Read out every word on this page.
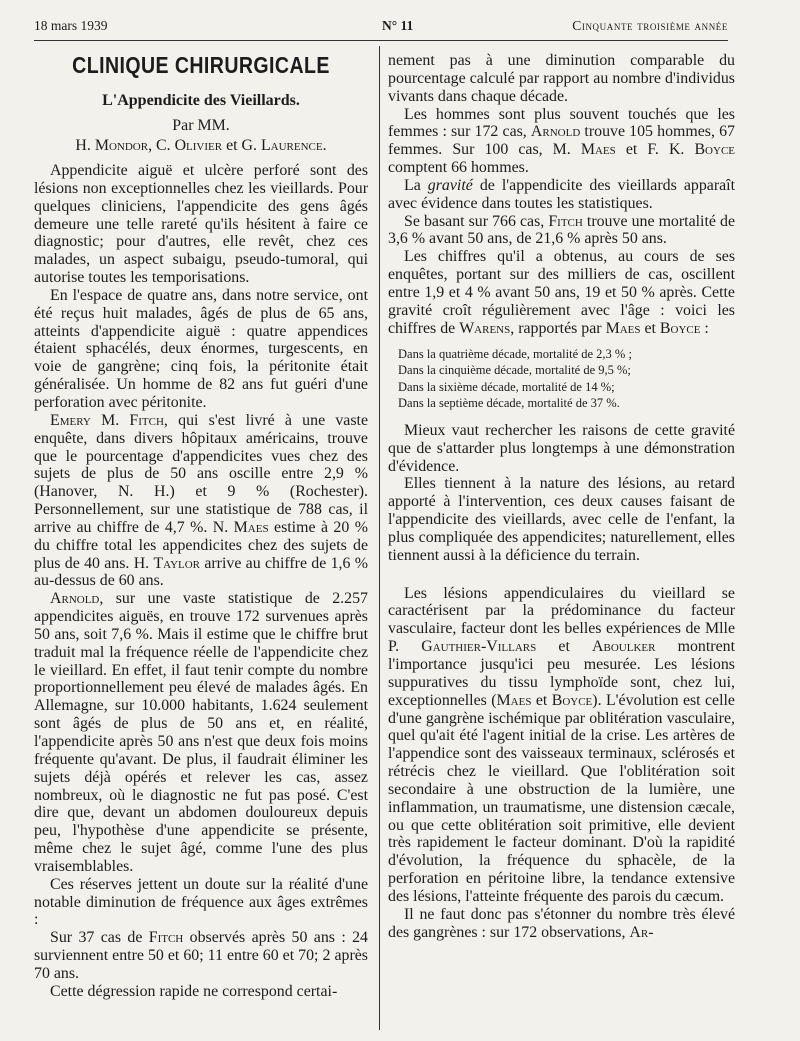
18 mars 1939	N° 11	Cinquante troisième année
CLINIQUE CHIRURGICALE
L'Appendicite des Vieillards.
Par MM.
H. Mondor, C. Olivier et G. Laurence.

Appendicite aiguë et ulcère perforé sont des lésions non exceptionnelles chez les vieillards. Pour quelques cliniciens, l'appendicite des gens âgés demeure une telle rareté qu'ils hésitent à faire ce diagnostic; pour d'autres, elle revêt, chez ces malades, un aspect subaigu, pseudo-tumoral, qui autorise toutes les temporisations.

En l'espace de quatre ans, dans notre service, ont été reçus huit malades, âgés de plus de 65 ans, atteints d'appendicite aiguë : quatre appendices étaient sphacélés, deux énormes, turgescents, en voie de gangrène; cinq fois, la péritonite était généralisée. Un homme de 82 ans fut guéri d'une perforation avec péritonite.

Emery M. Fitch, qui s'est livré à une vaste enquête, dans divers hôpitaux américains, trouve que le pourcentage d'appendicites vues chez des sujets de plus de 50 ans oscille entre 2,9 % (Hanover, N. H.) et 9 % (Rochester). Personnellement, sur une statistique de 788 cas, il arrive au chiffre de 4,7 %. N. Maes estime à 20 % du chiffre total les appendicites chez des sujets de plus de 40 ans. H. Taylor arrive au chiffre de 1,6 % au-dessus de 60 ans.

Arnold, sur une vaste statistique de 2.257 appendicites aiguës, en trouve 172 survenues après 50 ans, soit 7,6 %. Mais il estime que le chiffre brut traduit mal la fréquence réelle de l'appendicite chez le vieillard. En effet, il faut tenir compte du nombre proportionnellement peu élevé de malades âgés. En Allemagne, sur 10.000 habitants, 1.624 seulement sont âgés de plus de 50 ans et, en réalité, l'appendicite après 50 ans n'est que deux fois moins fréquente qu'avant. De plus, il faudrait éliminer les sujets déjà opérés et relever les cas, assez nombreux, où le diagnostic ne fut pas posé. C'est dire que, devant un abdomen douloureux depuis peu, l'hypothèse d'une appendicite se présente, même chez le sujet âgé, comme l'une des plus vraisemblables.

Ces réserves jettent un doute sur la réalité d'une notable diminution de fréquence aux âges extrêmes :

Sur 37 cas de Fitch observés après 50 ans : 24 surviennent entre 50 et 60; 11 entre 60 et 70; 2 après 70 ans.

Cette dégression rapide ne correspond certai-

nement pas à une diminution comparable du pourcentage calculé par rapport au nombre d'individus vivants dans chaque décade.

Les hommes sont plus souvent touchés que les femmes : sur 172 cas, Arnold trouve 105 hommes, 67 femmes. Sur 100 cas, M. Maes et F. K. Boyce comptent 66 hommes.

La gravité de l'appendicite des vieillards apparaît avec évidence dans toutes les statistiques.

Se basant sur 766 cas, Fitch trouve une mortalité de 3,6 % avant 50 ans, de 21,6 % après 50 ans.

Les chiffres qu'il a obtenus, au cours de ses enquêtes, portant sur des milliers de cas, oscillent entre 1,9 et 4 % avant 50 ans, 19 et 50 % après. Cette gravité croît régulièrement avec l'âge : voici les chiffres de Warens, rapportés par Maes et Boyce :

Dans la quatrième décade, mortalité de 2,3 % ;
Dans la cinquième décade, mortalité de 9,5 %;
Dans la sixième décade, mortalité de 14 %;
Dans la septième décade, mortalité de 37 %.

Mieux vaut rechercher les raisons de cette gravité que de s'attarder plus longtemps à une démonstration d'évidence.

Elles tiennent à la nature des lésions, au retard apporté à l'intervention, ces deux causes faisant de l'appendicite des vieillards, avec celle de l'enfant, la plus compliquée des appendicites; naturellement, elles tiennent aussi à la déficience du terrain.

Les lésions appendiculaires du vieillard se caractérisent par la prédominance du facteur vasculaire, facteur dont les belles expériences de Mlle P. Gauthier-Villars et Aboulker montrent l'importance jusqu'ici peu mesurée. Les lésions suppuratives du tissu lymphoïde sont, chez lui, exceptionnelles (Maes et Boyce). L'évolution est celle d'une gangrène ischémique par oblitération vasculaire, quel qu'ait été l'agent initial de la crise. Les artères de l'appendice sont des vaisseaux terminaux, sclérosés et rétrécis chez le vieillard. Que l'oblitération soit secondaire à une obstruction de la lumière, une inflammation, un traumatisme, une distension cæcale, ou que cette oblitération soit primitive, elle devient très rapidement le facteur dominant. D'où la rapidité d'évolution, la fréquence du sphacèle, de la perforation en péritoine libre, la tendance extensive des lésions, l'atteinte fréquente des parois du cæcum.

Il ne faut donc pas s'étonner du nombre très élevé des gangrènes : sur 172 observations, Ar-
